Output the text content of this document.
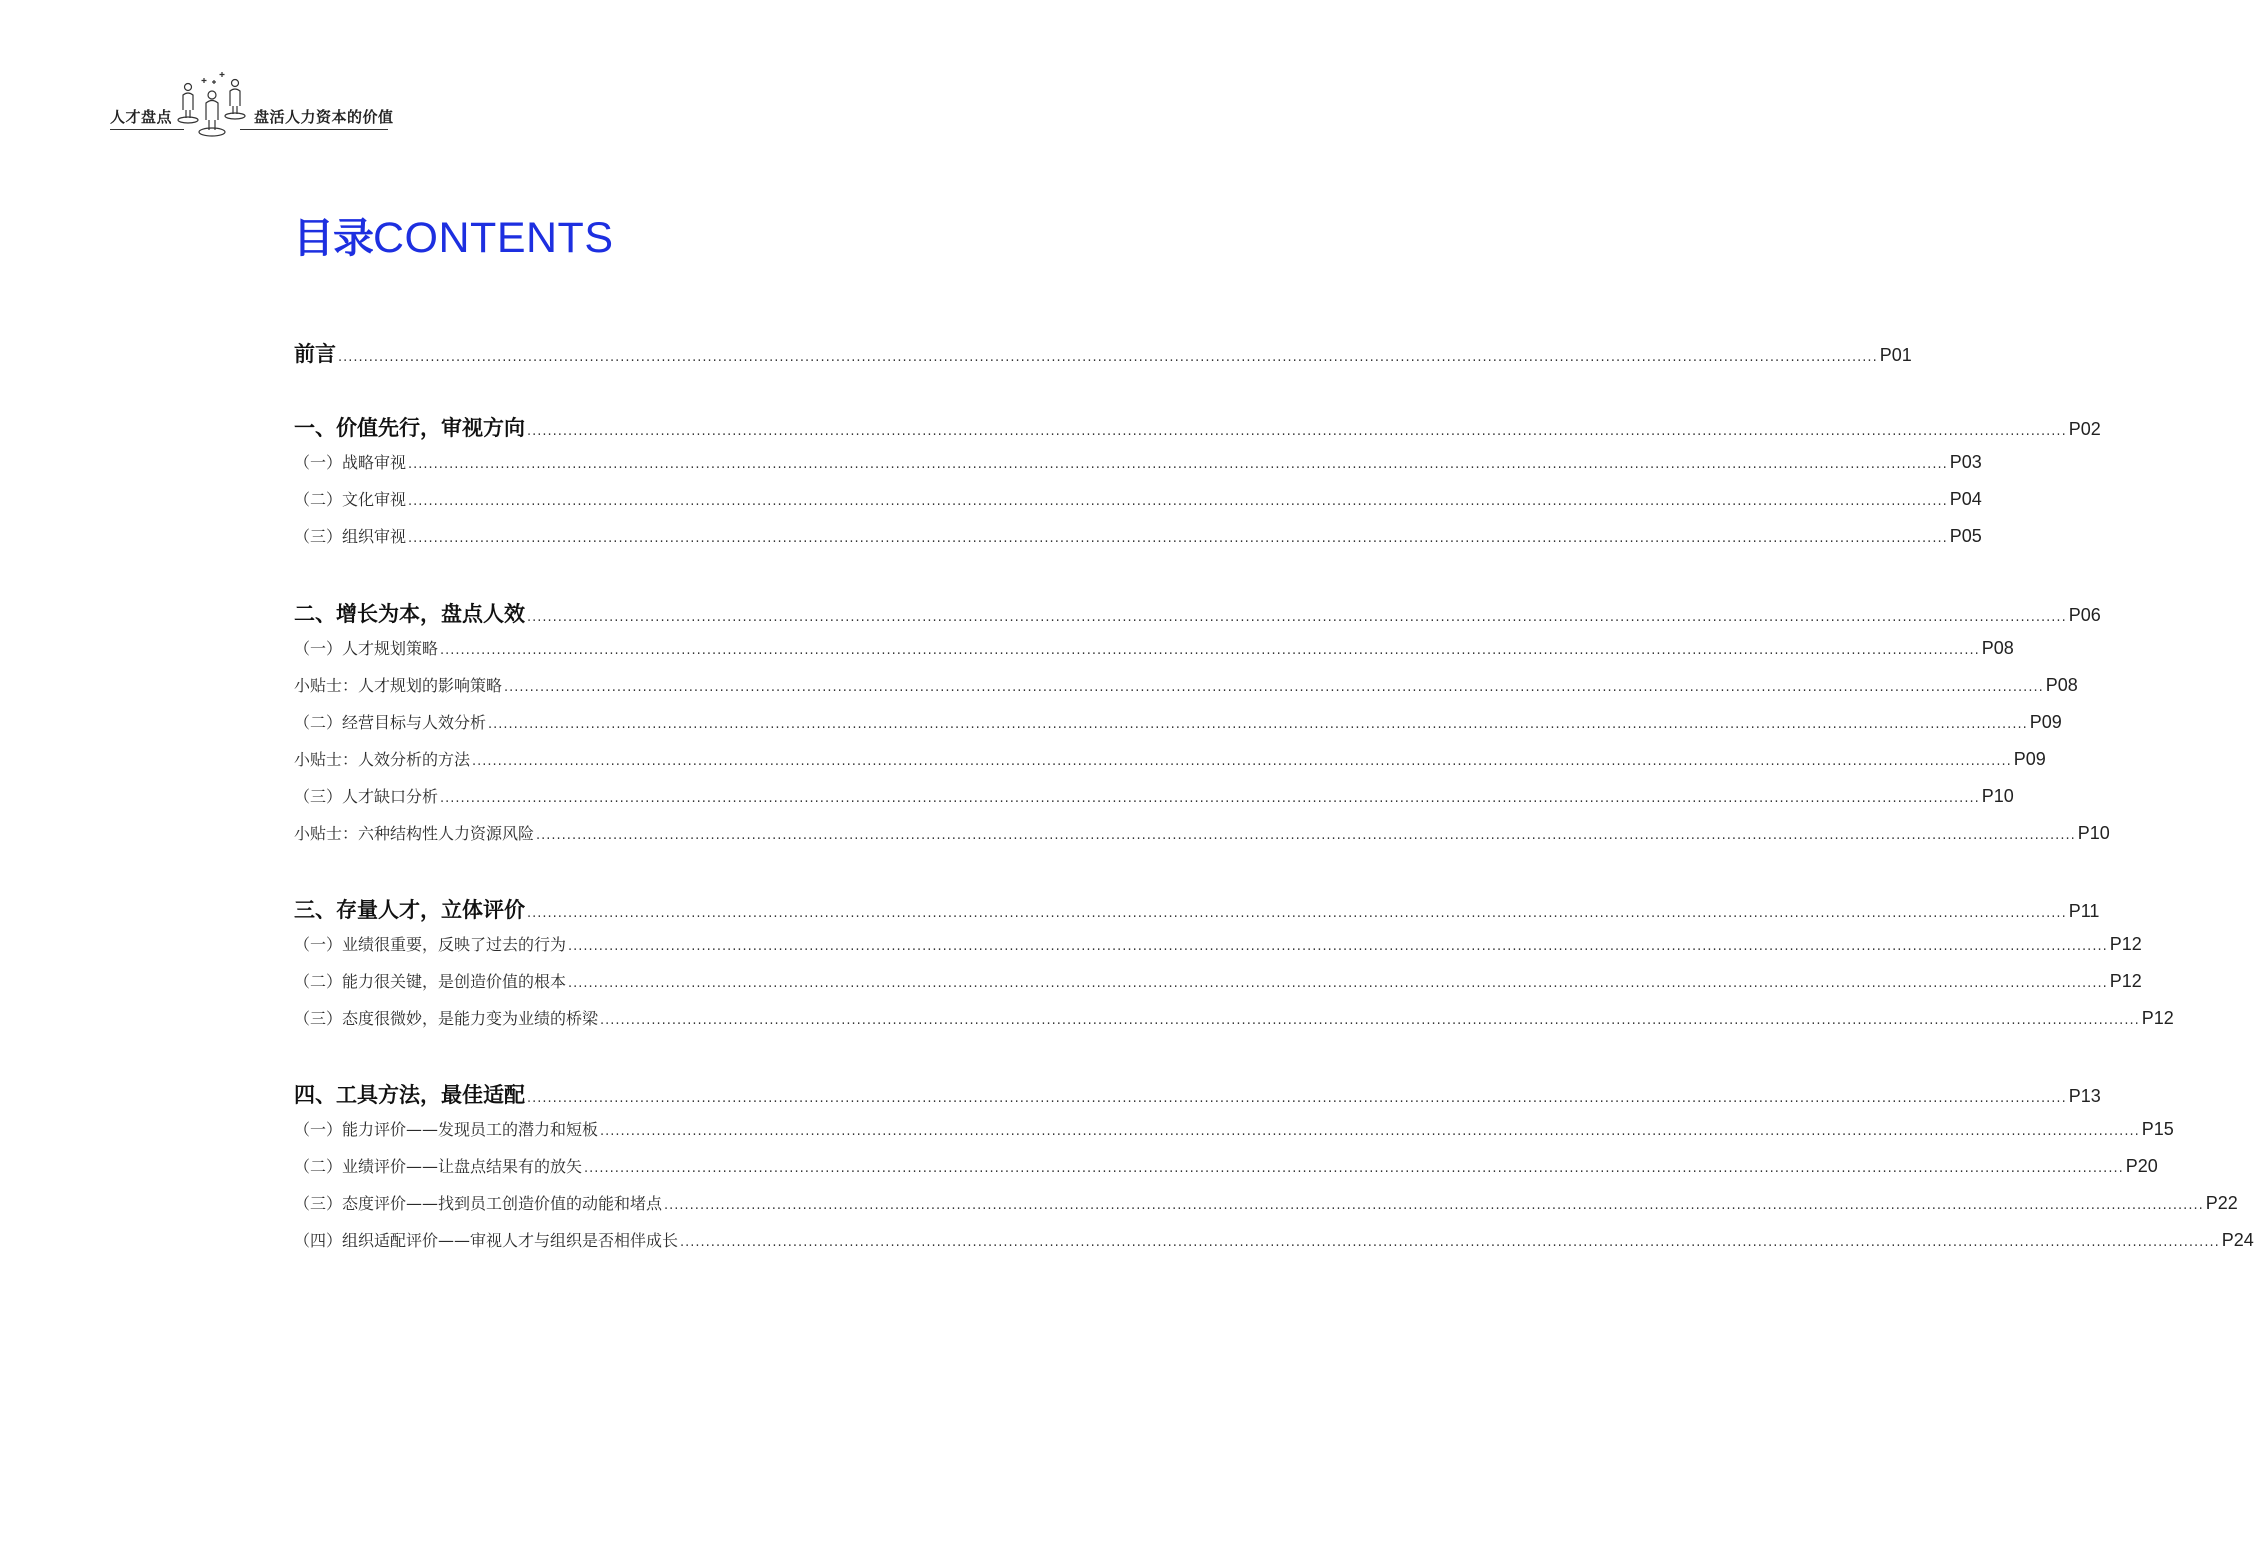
人才盘点	盘活人力资本的价值
目录CONTENTS
前言 ............................................................................................................................................................................................................................................................................................................ P01
一、价值先行，审视方向 ............................................................................................................................................................................................................................................................................................................ P02
（一）战略审视 ............................................................................................................................................................................................................................................................................................................ P03
（二）文化审视 ............................................................................................................................................................................................................................................................................................................ P04
（三）组织审视 ............................................................................................................................................................................................................................................................................................................ P05
二、增长为本，盘点人效 ............................................................................................................................................................................................................................................................................................................ P06
（一）人才规划策略 ............................................................................................................................................................................................................................................................................................................ P08
小贴士：人才规划的影响策略 ............................................................................................................................................................................................................................................................................................................ P08
（二）经营目标与人效分析 ............................................................................................................................................................................................................................................................................................................ P09
小贴士：人效分析的方法 ............................................................................................................................................................................................................................................................................................................ P09
（三）人才缺口分析 ............................................................................................................................................................................................................................................................................................................ P10
小贴士：六种结构性人力资源风险 ............................................................................................................................................................................................................................................................................................................ P10
三、存量人才，立体评价 ............................................................................................................................................................................................................................................................................................................ P11
（一）业绩很重要，反映了过去的行为 ............................................................................................................................................................................................................................................................................................................ P12
（二）能力很关键，是创造价值的根本 ............................................................................................................................................................................................................................................................................................................ P12
（三）态度很微妙，是能力变为业绩的桥梁 ............................................................................................................................................................................................................................................................................................................ P12
四、工具方法，最佳适配 ............................................................................................................................................................................................................................................................................................................ P13
（一）能力评价——发现员工的潜力和短板 ............................................................................................................................................................................................................................................................................................................ P15
（二）业绩评价——让盘点结果有的放矢 ............................................................................................................................................................................................................................................................................................................ P20
（三）态度评价——找到员工创造价值的动能和堵点 ............................................................................................................................................................................................................................................................................................................ P22
（四）组织适配评价——审视人才与组织是否相伴成长 ............................................................................................................................................................................................................................................................................................................ P24
